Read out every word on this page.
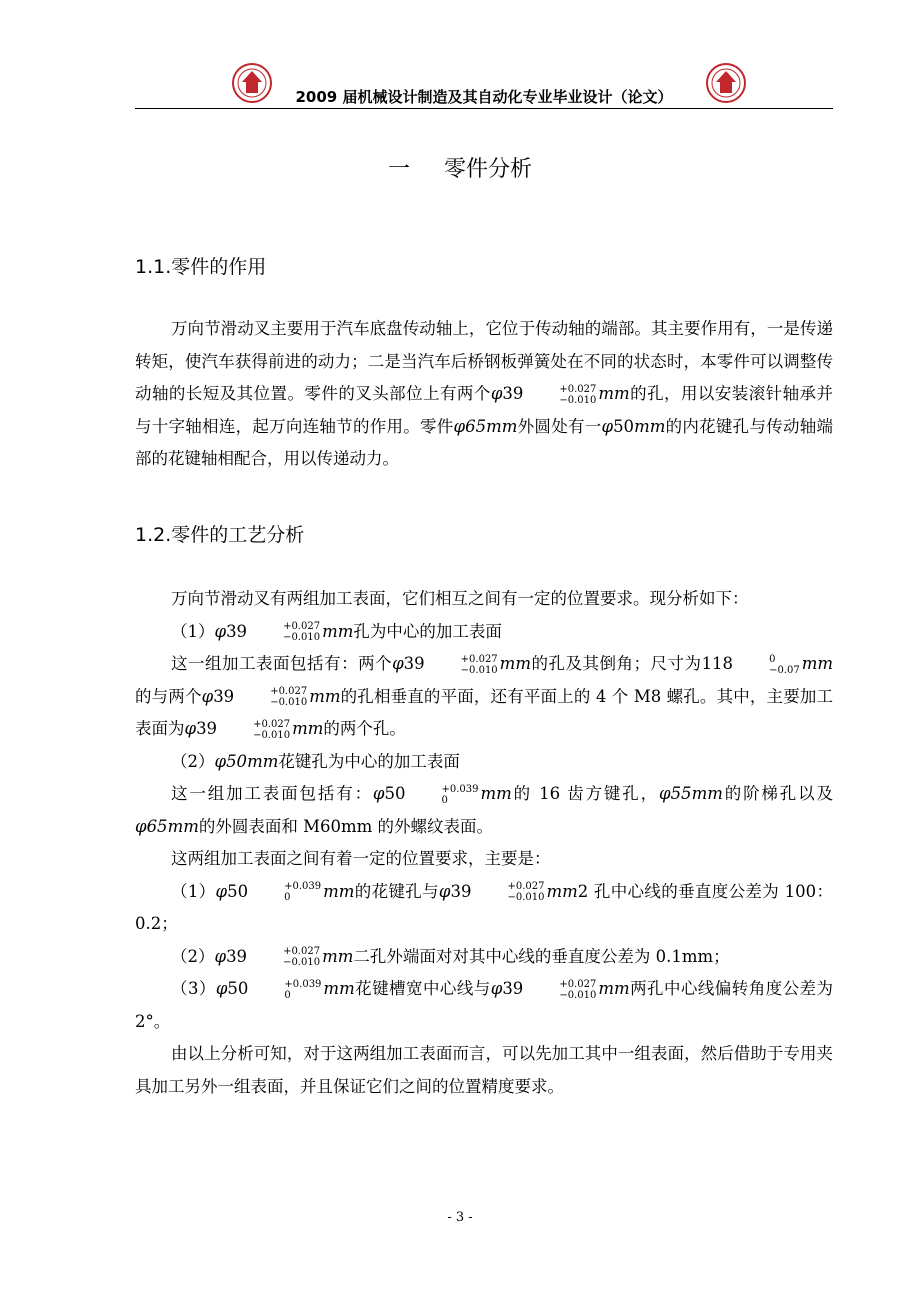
2009 届机械设计制造及其自动化专业毕业设计（论文）
一 零件分析
1.1.零件的作用

万向节滑动叉主要用于汽车底盘传动轴上，它位于传动轴的端部。其主要作用有，一是传递转矩，使汽车获得前进的动力；二是当汽车后桥钢板弹簧处在不同的状态时，本零件可以调整传动轴的长短及其位置。零件的叉头部位上有两个φ39	+0.027
−0.010 mm的孔，用以安装滚针轴承并与十字轴相连，起万向连轴节的作用。零件φ65mm外圆处有一φ50mm的内花键孔与传动轴端部的花键轴相配合，用以传递动力。

1.2.零件的工艺分析

万向节滑动叉有两组加工表面，它们相互之间有一定的位置要求。现分析如下：

（1）φ39	+0.027
−0.010 mm孔为中心的加工表面

这一组加工表面包括有：两个φ39	+0.027
−0.010 mm的孔及其倒角；尺寸为118	0
−0.07 mm的与两个φ39	+0.027
−0.010 mm的孔相垂直的平面，还有平面上的 4 个 M8 螺孔。其中，主要加工表面为φ39	+0.027
−0.010 mm的两个孔。

（2）φ50mm花键孔为中心的加工表面

这一组加工表面包括有：φ50	+0.039
0	mm的 16 齿方键孔，φ55mm的阶梯孔以及φ65mm的外圆表面和 M60mm 的外螺纹表面。

这两组加工表面之间有着一定的位置要求，主要是：

（1）φ50	+0.039
0	mm的花键孔与φ39	+0.027
−0.010 mm2 孔中心线的垂直度公差为 100：0.2；

（2）φ39	+0.027
−0.010 mm二孔外端面对对其中心线的垂直度公差为 0.1mm；

（3）φ50	+0.039
0	mm花键槽宽中心线与φ39	+0.027
−0.010 mm两孔中心线偏转角度公差为2°。

由以上分析可知，对于这两组加工表面而言，可以先加工其中一组表面，然后借助于专用夹具加工另外一组表面，并且保证它们之间的位置精度要求。

- 3 -
